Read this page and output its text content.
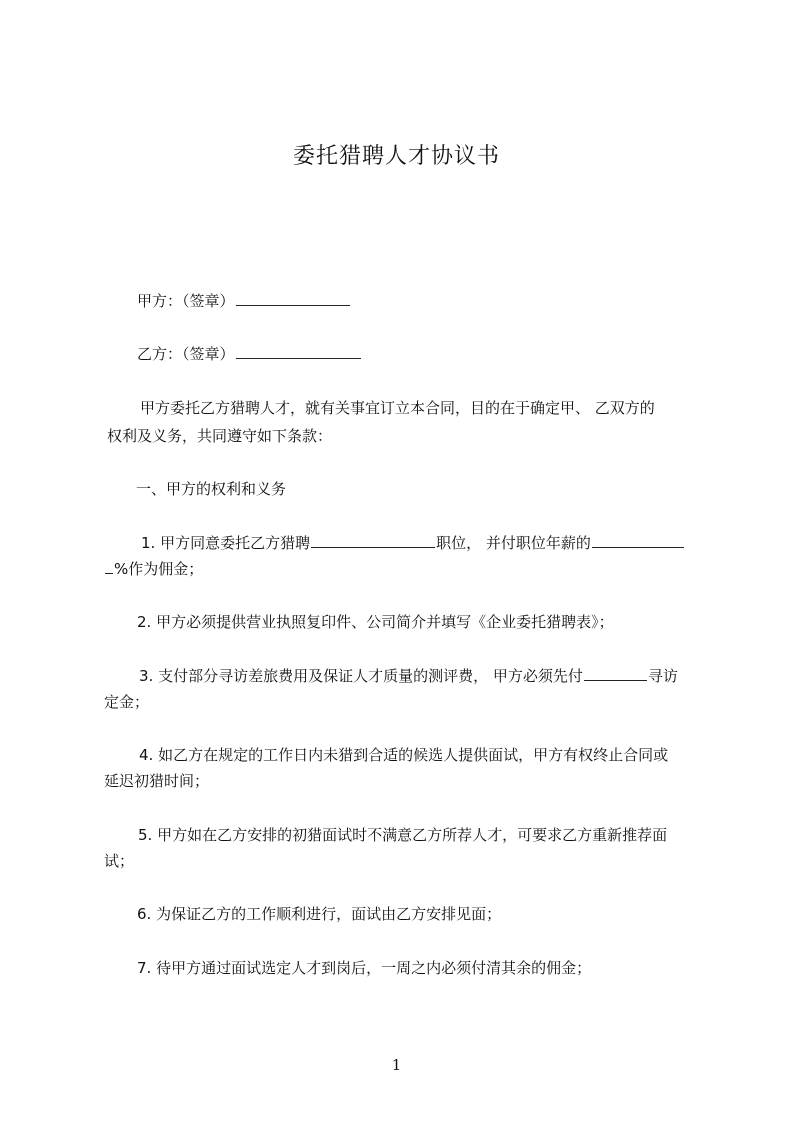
委托猎聘人才协议书
甲方：（签章）
乙方：（签章）
甲方委托乙方猎聘人才，就有关事宜订立本合同，目的在于确定甲、 乙双方的
权利及义务，共同遵守如下条款：
一、甲方的权利和义务
1. 甲方同意委托乙方猎聘	职位， 并付职位年薪的
%作为佣金；
2. 甲方必须提供营业执照复印件、公司简介并填写《企业委托猎聘表》；
3. 支付部分寻访差旅费用及保证人才质量的测评费， 甲方必须先付	寻访
定金；
4. 如乙方在规定的工作日内未猎到合适的候选人提供面试，甲方有权终止合同或
延迟初猎时间；
5. 甲方如在乙方安排的初猎面试时不满意乙方所荐人才，可要求乙方重新推荐面
试；
6. 为保证乙方的工作顺利进行，面试由乙方安排见面；
7. 待甲方通过面试选定人才到岗后，一周之内必须付清其余的佣金；
1
